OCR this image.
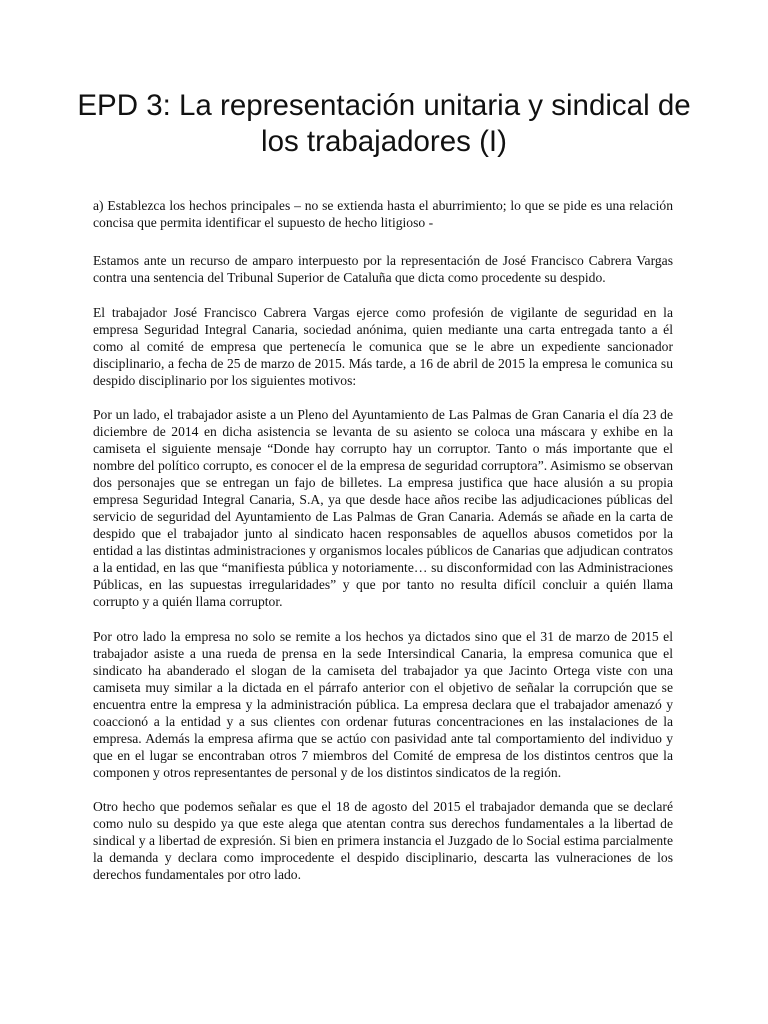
EPD 3: La representación unitaria y sindical de los trabajadores (I)

a) Establezca los hechos principales – no se extienda hasta el aburrimiento; lo que se pide es una relación concisa que permita identificar el supuesto de hecho litigioso -

Estamos ante un recurso de amparo interpuesto por la representación de José Francisco Cabrera Vargas contra una sentencia del Tribunal Superior de Cataluña que dicta como procedente su despido.

El trabajador José Francisco Cabrera Vargas ejerce como profesión de vigilante de seguridad en la empresa Seguridad Integral Canaria, sociedad anónima, quien mediante una carta entregada tanto a él como al comité de empresa que pertenecía le comunica que se le abre un expediente sancionador disciplinario, a fecha de 25 de marzo de 2015. Más tarde, a 16 de abril de 2015 la empresa le comunica su despido disciplinario por los siguientes motivos:

Por un lado, el trabajador asiste a un Pleno del Ayuntamiento de Las Palmas de Gran Canaria el día 23 de diciembre de 2014 en dicha asistencia se levanta de su asiento se coloca una máscara y exhibe en la camiseta el siguiente mensaje “Donde hay corrupto hay un corruptor. Tanto o más importante que el nombre del político corrupto, es conocer el de la empresa de seguridad corruptora”. Asimismo se observan dos personajes que se entregan un fajo de billetes. La empresa justifica que hace alusión a su propia empresa Seguridad Integral Canaria, S.A, ya que desde hace años recibe las adjudicaciones públicas del servicio de seguridad del Ayuntamiento de Las Palmas de Gran Canaria. Además se añade en la carta de despido que el trabajador junto al sindicato hacen responsables de aquellos abusos cometidos por la entidad a las distintas administraciones y organismos locales públicos de Canarias que adjudican contratos a la entidad, en las que “manifiesta pública y notoriamente… su disconformidad con las Administraciones Públicas, en las supuestas irregularidades” y que por tanto no resulta difícil concluir a quién llama corrupto y a quién llama corruptor.

Por otro lado la empresa no solo se remite a los hechos ya dictados sino que el 31 de marzo de 2015 el trabajador asiste a una rueda de prensa en la sede Intersindical Canaria, la empresa comunica que el sindicato ha abanderado el slogan de la camiseta del trabajador ya que Jacinto Ortega viste con una camiseta muy similar a la dictada en el párrafo anterior con el objetivo de señalar la corrupción que se encuentra entre la empresa y la administración pública. La empresa declara que el trabajador amenazó y coaccionó a la entidad y a sus clientes con ordenar futuras concentraciones en las instalaciones de la empresa. Además la empresa afirma que se actúo con pasividad ante tal comportamiento del individuo y que en el lugar se encontraban otros 7 miembros del Comité de empresa de los distintos centros que la componen y otros representantes de personal y de los distintos sindicatos de la región.

Otro hecho que podemos señalar es que el 18 de agosto del 2015 el trabajador demanda que se declaré como nulo su despido ya que este alega que atentan contra sus derechos fundamentales a la libertad de sindical y a libertad de expresión. Si bien en primera instancia el Juzgado de lo Social estima parcialmente la demanda y declara como improcedente el despido disciplinario, descarta las vulneraciones de los derechos fundamentales por otro lado.
